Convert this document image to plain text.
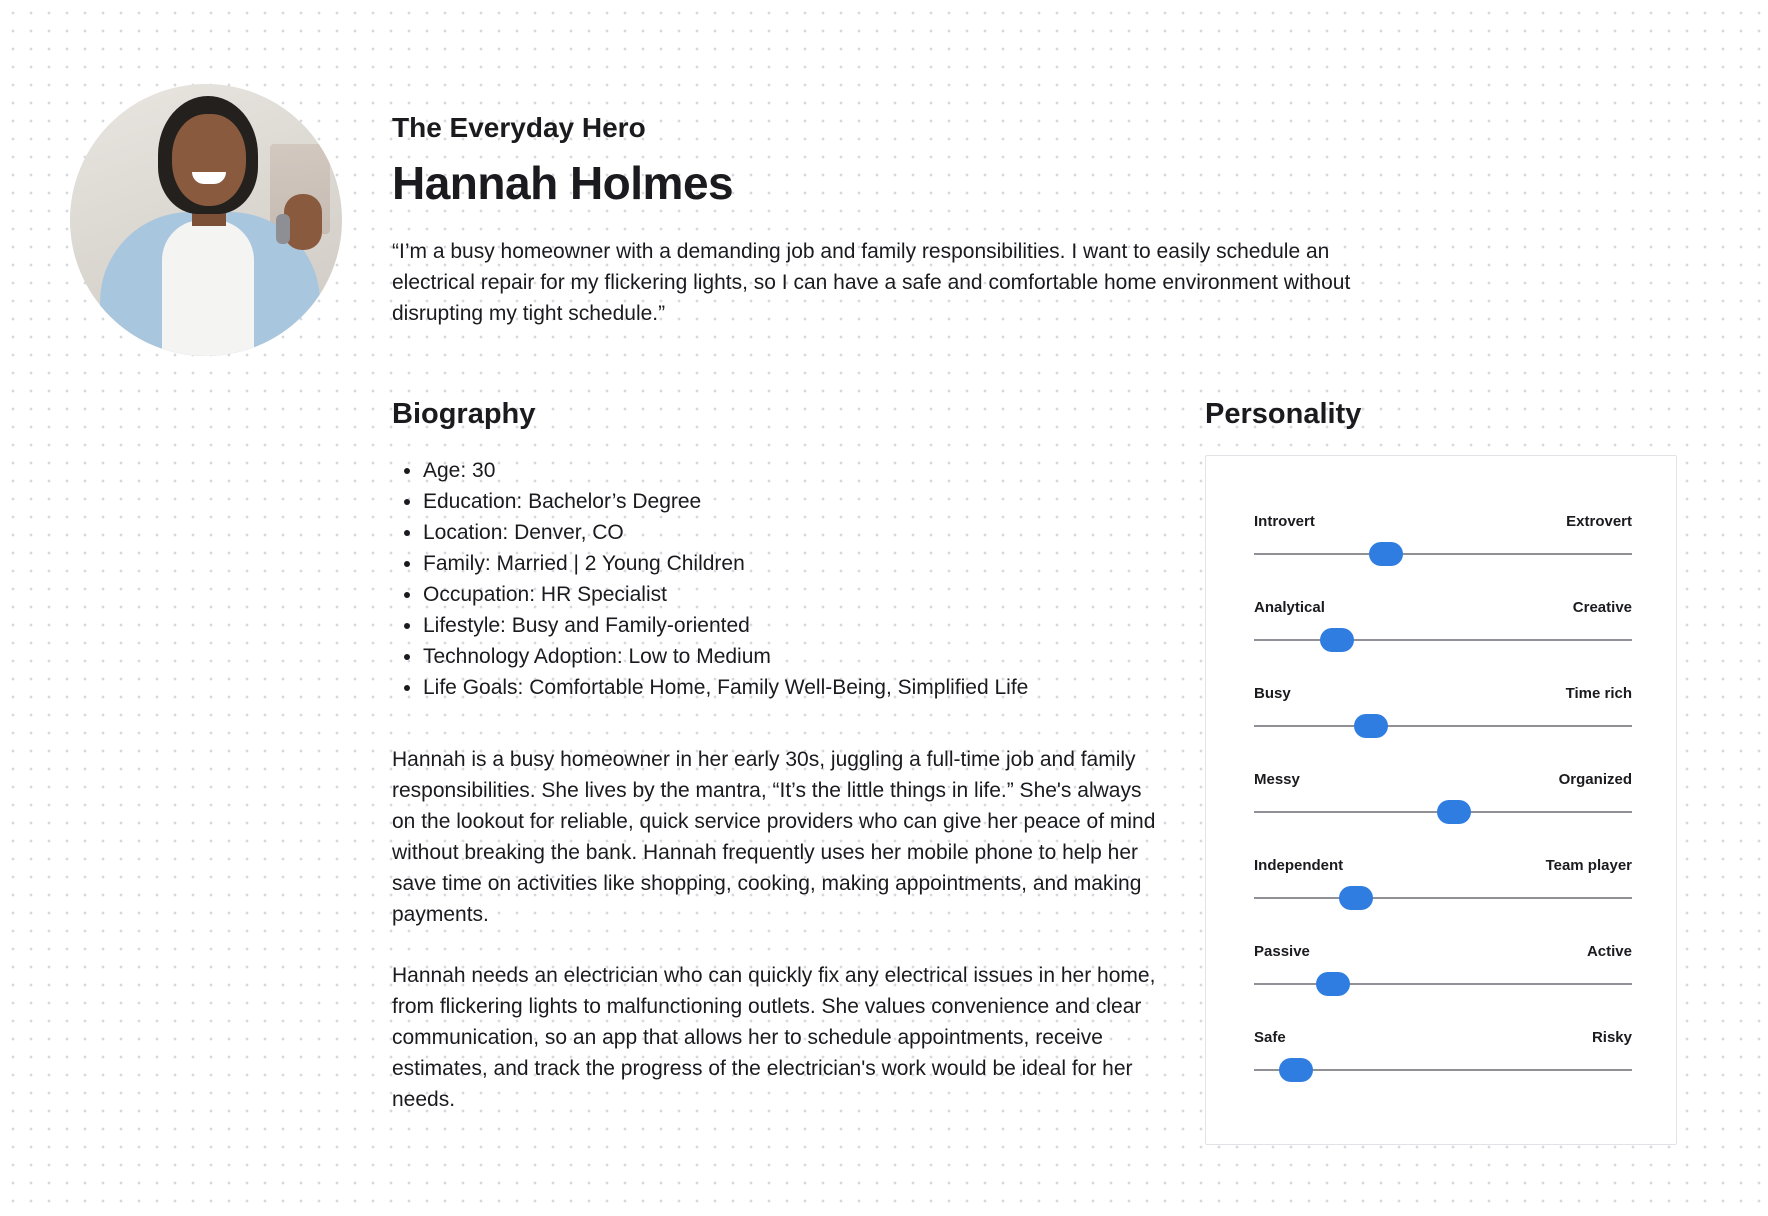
The Everyday Hero
Hannah Holmes

“I’m a busy homeowner with a demanding job and family responsibilities. I want to easily schedule an electrical repair for my flickering lights, so I can have a safe and comfortable home environment without disrupting my tight schedule.”

Biography
• Age: 30
• Education: Bachelor’s Degree
• Location: Denver, CO
• Family: Married | 2 Young Children
• Occupation: HR Specialist
• Lifestyle: Busy and Family-oriented
• Technology Adoption: Low to Medium
• Life Goals: Comfortable Home, Family Well-Being, Simplified Life

Hannah is a busy homeowner in her early 30s, juggling a full-time job and family responsibilities. She lives by the mantra, “It’s the little things in life.” She's always on the lookout for reliable, quick service providers who can give her peace of mind without breaking the bank. Hannah frequently uses her mobile phone to help her save time on activities like shopping, cooking, making appointments, and making payments.

Hannah needs an electrician who can quickly fix any electrical issues in her home, from flickering lights to malfunctioning outlets. She values convenience and clear communication, so an app that allows her to schedule appointments, receive estimates, and track the progress of the electrician's work would be ideal for her needs.

Personality
Introvert	Extrovert
Analytical	Creative
Busy	Time rich
Messy	Organized
Independent	Team player
Passive	Active
Safe	Risky
